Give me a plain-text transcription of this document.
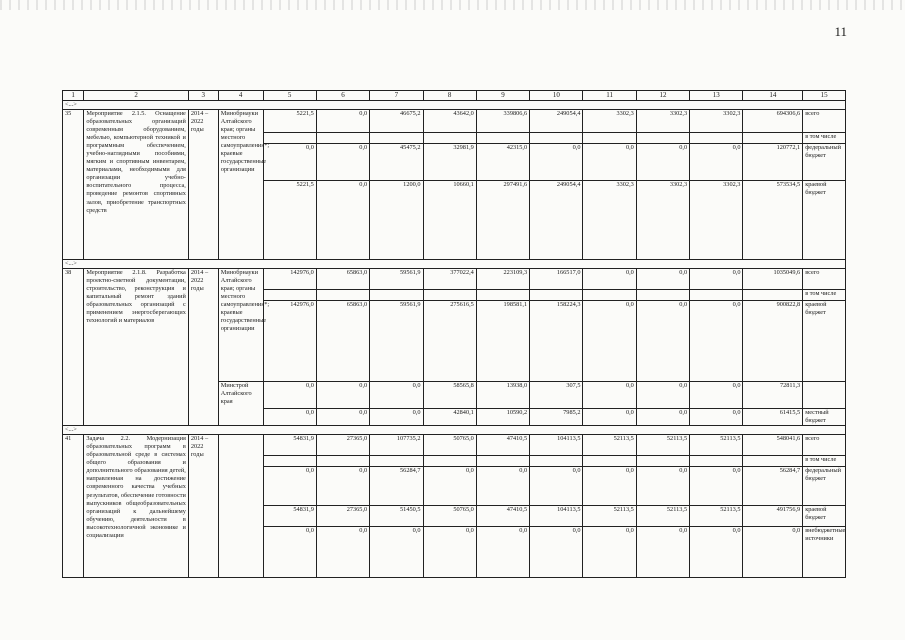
11
1	2	3	4	5	6	7	8	9	10	11	12	13	14	15
<...>														
35	Мероприятие 2.1.5. Оснащение образовательных организаций современным оборудованием, мебелью, компьютерной техникой и программным обеспечением, учебно-наглядными пособиями, мягким и спортивным инвентарем, материалами, необходимыми для организации учебно-воспитательного процесса, проведение ремонтов спортивных залов, приобретение транспортных средств	2014 – 2022 годы	Минобрнауки Алтайского края; органы местного самоуправления*; краевые государственные организации	5221,5	0,0	46675,2	43642,0	339806,6	249054,4	3302,3	3302,3	3302,3	694306,6	всего
														в том числе
				0,0	0,0	45475,2	32981,9	42315,0	0,0	0,0	0,0	0,0	120772,1	федеральный бюджет
				5221,5	0,0	1200,0	10660,1	297491,6	249054,4	3302,3	3302,3	3302,3	573534,5	краевой бюджет
<...>														
38	Мероприятие 2.1.8. Разработка проектно-сметной документации, строительство, реконструкция и капитальный ремонт зданий образовательных организаций с применением энергосберегающих технологий и материалов	2014 – 2022 годы	Минобрнауки Алтайского края; органы местного самоуправления*; краевые государственные организации	142976,0	65863,0	59561,9	377022,4	223109,3	166517,0	0,0	0,0	0,0	1035049,6	всего
														в том числе
				142976,0	65863,0	59561,9	275616,5	198581,1	158224,3	0,0	0,0	0,0	900822,8	краевой бюджет
			Минстрой Алтайского края	0,0	0,0	0,0	58565,8	13938,0	307,5	0,0	0,0	0,0	72811,3	
				0,0	0,0	0,0	42840,1	10590,2	7985,2	0,0	0,0	0,0	61415,5	местный бюджет
<...>														
41	Задача 2.2. Модернизация образовательных программ в образовательной среде в системах общего образования и дополнительного образования детей, направленная на достижение современного качества учебных результатов, обеспечение готовности выпускников общеобразовательных организаций к дальнейшему обучению, деятельности в высокотехнологичной экономике и социализации	2014 – 2022 годы		54831,9	27365,0	107735,2	50765,0	47410,5	104113,5	52113,5	52113,5	52113,5	548041,6	всего
														в том числе
				0,0	0,0	56284,7	0,0	0,0	0,0	0,0	0,0	0,0	56284,7	федеральный бюджет
				54831,9	27365,0	51450,5	50765,0	47410,5	104113,5	52113,5	52113,5	52113,5	491756,9	краевой бюджет
				0,0	0,0	0,0	0,0	0,0	0,0	0,0	0,0	0,0	0,0	внебюджетные источники
